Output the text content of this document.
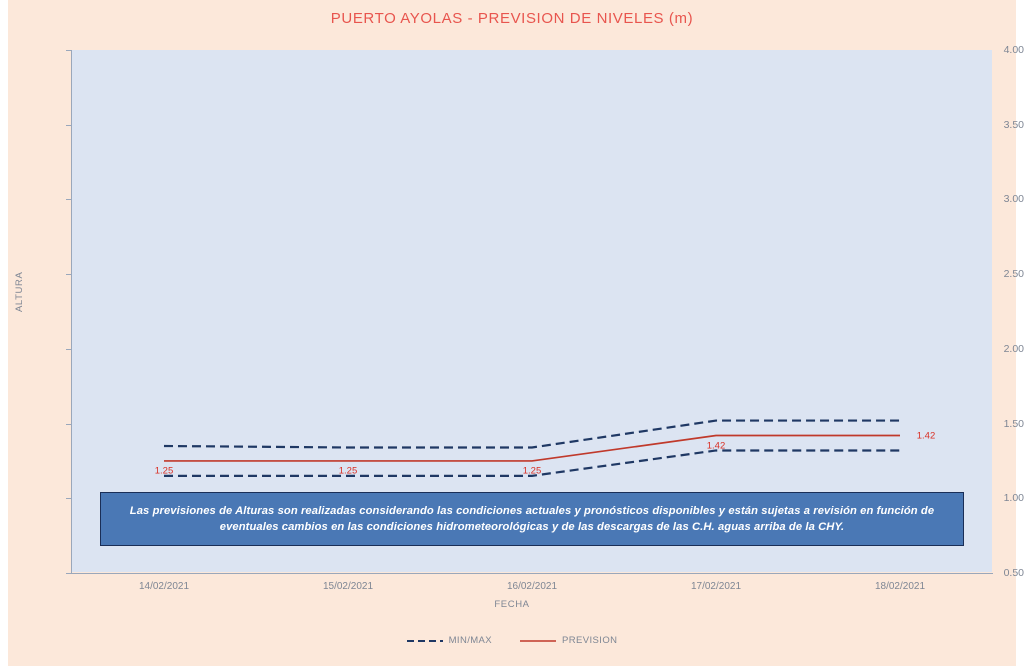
PUERTO AYOLAS - PREVISION DE NIVELES (m)
ALTURA
FECHA
0.50
1.00
1.50
2.00
2.50
3.00
3.50
4.00
14/02/2021	15/02/2021	16/02/2021	17/02/2021	18/02/2021
1.25	1.25	1.25
1.42
1.42
Las previsiones de Alturas son realizadas considerando las condiciones actuales y pronósticos disponibles y están sujetas a revisión en función de eventuales cambios en las condiciones hidrometeorológicas y de las descargas de las C.H. aguas arriba de la CHY.
MIN/MAX	PREVISION
